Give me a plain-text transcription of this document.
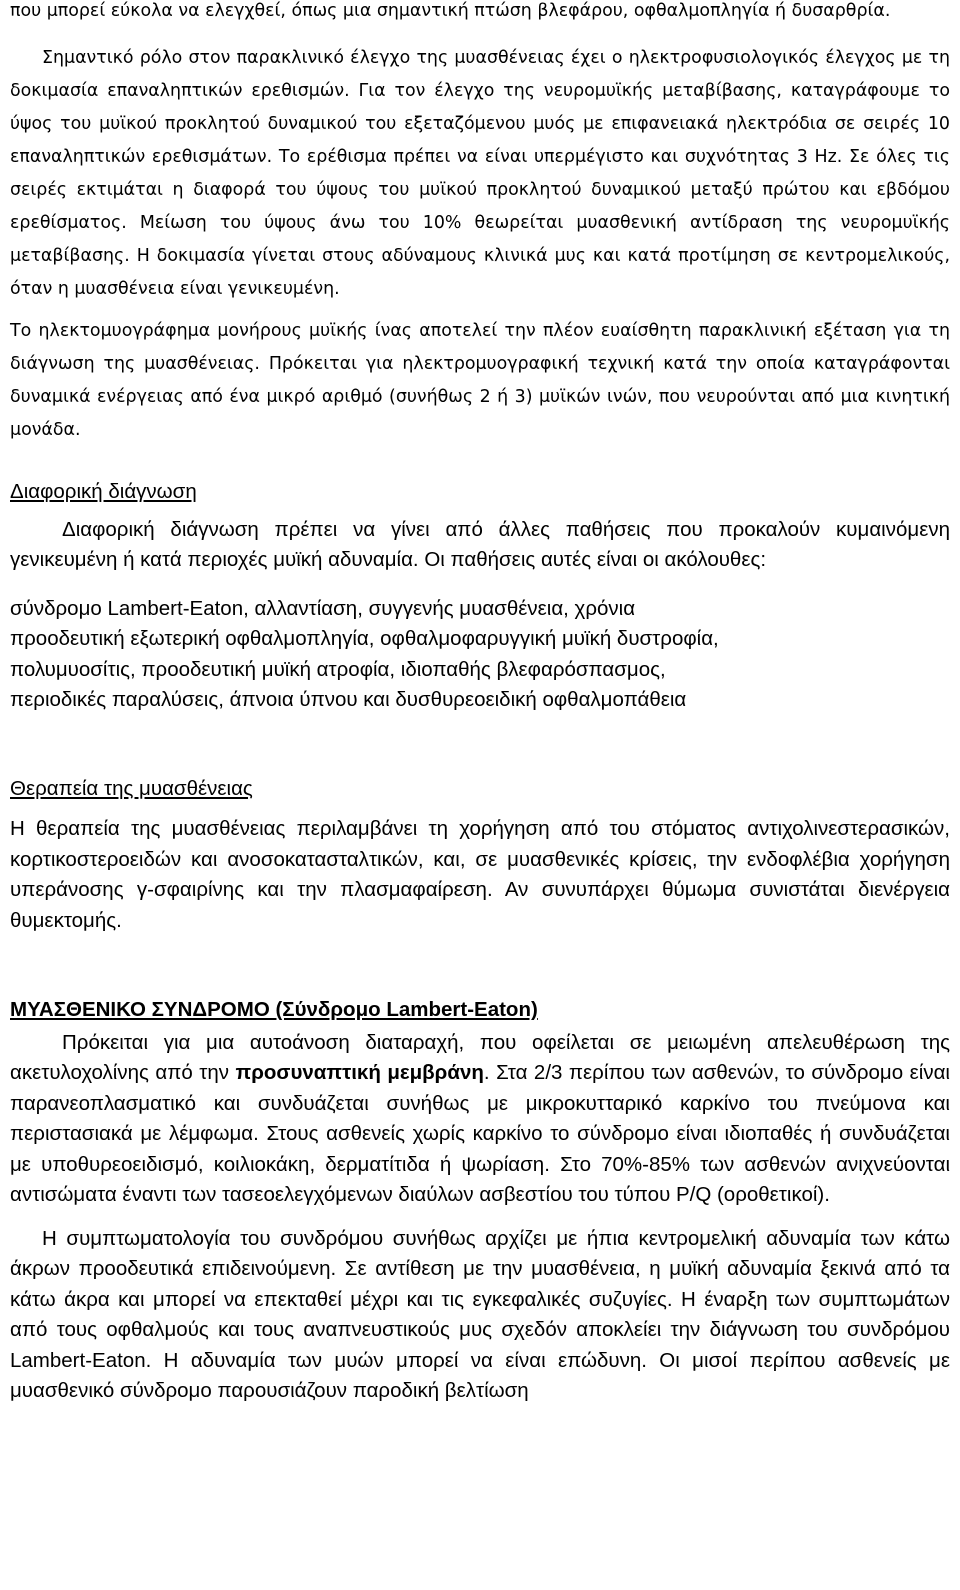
που μπορεί εύκολα να ελεγχθεί, όπως μια σημαντική πτώση βλεφάρου, οφθαλμοπληγία ή δυσαρθρία.

Σημαντικό ρόλο στον παρακλινικό έλεγχο της μυασθένειας έχει ο ηλεκτροφυσιολογικός έλεγχος με τη δοκιμασία επαναληπτικών ερεθισμών. Για τον έλεγχο της νευρομυϊκής μεταβίβασης, καταγράφουμε το ύψος του μυϊκού προκλητού δυναμικού του εξεταζόμενου μυός με επιφανειακά ηλεκτρόδια σε σειρές 10 επαναληπτικών ερεθισμάτων. Το ερέθισμα πρέπει να είναι υπερμέγιστο και συχνότητας 3 Hz. Σε όλες τις σειρές εκτιμάται η διαφορά του ύψους του μυϊκού προκλητού δυναμικού μεταξύ πρώτου και εβδόμου ερεθίσματος. Μείωση του ύψους άνω του 10% θεωρείται μυασθενική αντίδραση της νευρομυϊκής μεταβίβασης. Η δοκιμασία γίνεται στους αδύναμους κλινικά μυς και κατά προτίμηση σε κεντρομελικούς, όταν η μυασθένεια είναι γενικευμένη.

Το ηλεκτομυογράφημα μονήρους μυϊκής ίνας αποτελεί την πλέον ευαίσθητη παρακλινική εξέταση για τη διάγνωση της μυασθένειας. Πρόκειται για ηλεκτρομυογραφική τεχνική κατά την οποία καταγράφονται δυναμικά ενέργειας από ένα μικρό αριθμό (συνήθως 2 ή 3) μυϊκών ινών, που νευρούνται από μια κινητική μονάδα.

Διαφορική διάγνωση

Διαφορική διάγνωση πρέπει να γίνει από άλλες παθήσεις που προκαλούν κυμαινόμενη γενικευμένη ή κατά περιοχές μυϊκή αδυναμία. Οι παθήσεις αυτές είναι οι ακόλουθες:

σύνδρομο Lambert-Eaton, αλλαντίαση, συγγενής μυασθένεια, χρόνια

προοδευτική εξωτερική οφθαλμοπληγία, οφθαλμοφαρυγγική μυϊκή δυστροφία,

πολυμυοσίτις, προοδευτική μυϊκή ατροφία, ιδιοπαθής βλεφαρόσπασμος,

περιοδικές παραλύσεις, άπνοια ύπνου και δυσθυρεοειδική οφθαλμοπάθεια

Θεραπεία της μυασθένειας

Η θεραπεία της μυασθένειας περιλαμβάνει τη χορήγηση από του στόματος αντιχολινεστερασικών, κορτικοστεροειδών και ανοσοκατασταλτικών, και, σε μυασθενικές κρίσεις, την ενδοφλέβια χορήγηση υπεράνοσης γ-σφαιρίνης και την πλασμαφαίρεση. Αν συνυπάρχει θύμωμα συνιστάται διενέργεια θυμεκτομής.

ΜΥΑΣΘΕΝΙΚΟ ΣΥΝΔΡΟΜΟ (Σύνδρομο Lambert-Eaton)

Πρόκειται για μια αυτοάνοση διαταραχή, που οφείλεται σε μειωμένη απελευθέρωση της ακετυλοχολίνης από την προσυναπτική μεμβράνη. Στα 2/3 περίπου των ασθενών, το σύνδρομο είναι παρανεοπλασματικό και συνδυάζεται συνήθως με μικροκυτταρικό καρκίνο του πνεύμονα και περιστασιακά με λέμφωμα. Στους ασθενείς χωρίς καρκίνο το σύνδρομο είναι ιδιοπαθές ή συνδυάζεται με υποθυρεοειδισμό, κοιλιοκάκη, δερματίτιδα ή ψωρίαση. Στο 70%-85% των ασθενών ανιχνεύονται αντισώματα έναντι των τασεοελεγχόμενων διαύλων ασβεστίου του τύπου P/Q (οροθετικοί).

Η συμπτωματολογία του συνδρόμου συνήθως αρχίζει με ήπια κεντρομελική αδυναμία των κάτω άκρων προοδευτικά επιδεινούμενη. Σε αντίθεση με την μυασθένεια, η μυϊκή αδυναμία ξεκινά από τα κάτω άκρα και μπορεί να επεκταθεί μέχρι και τις εγκεφαλικές συζυγίες. Η έναρξη των συμπτωμάτων από τους οφθαλμούς και τους αναπνευστικούς μυς σχεδόν αποκλείει την διάγνωση του συνδρόμου Lambert-Eaton. Η αδυναμία των μυών μπορεί να είναι επώδυνη. Οι μισοί περίπου ασθενείς με μυασθενικό σύνδρομο παρουσιάζουν παροδική βελτίωση
